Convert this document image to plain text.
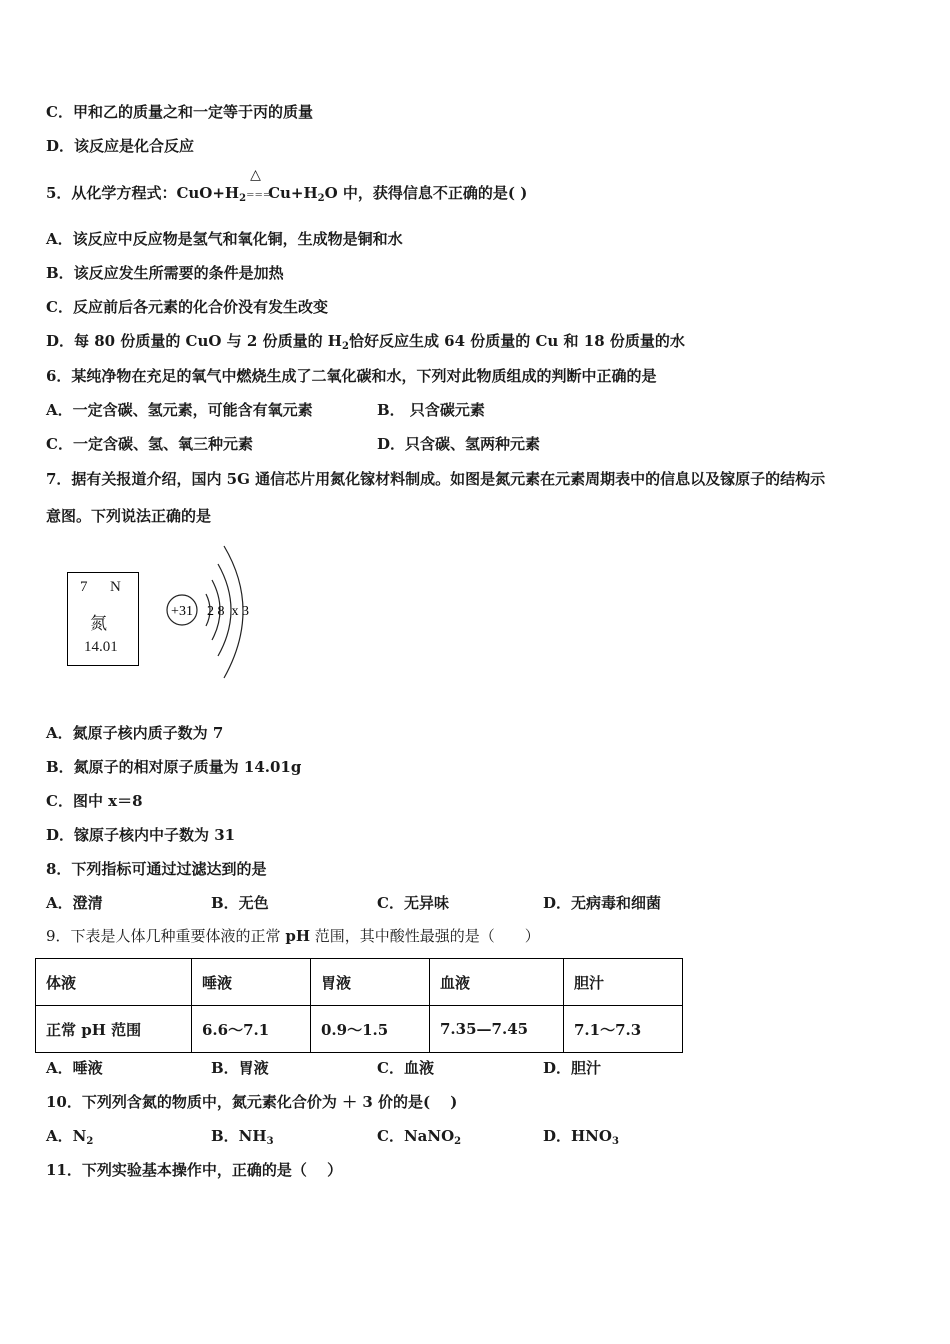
C．甲和乙的质量之和一定等于丙的质量
D．该反应是化合反应
5．从化学方程式：$CuO+H_2$
△
$===Cu+H_2O$ 中，获得信息不正确的是( )
A．该反应中反应物是氢气和氧化铜，生成物是铜和水
B．该反应发生所需要的条件是加热
C．反应前后各元素的化合价没有发生改变
D．每 80 份质量的 CuO 与 2 份质量的 $H_2$恰好反应生成 64 份质量的 Cu 和 18 份质量的水
6．某纯净物在充足的氧气中燃烧生成了二氧化碳和水，下列对此物质组成的判断中正确的是
A．一定含碳、氢元素，可能含有氧元素	B． 只含碳元素
C．一定含碳、氢、氧三种元素	D．只含碳、氢两种元素
7．据有关报道介绍，国内 5G 通信芯片用氮化镓材料制成。如图是氮元素在元素周期表中的信息以及镓原子的结构示
意图。下列说法正确的是
7 N
氮
14.01
+31 2 8  x 3
A．氮原子核内质子数为 7
B．氮原子的相对原子质量为 14.01g
C．图中 x＝8
D．镓原子核内中子数为 31
8．下列指标可通过过滤达到的是
A．澄清	B．无色	C．无异味	D．无病毒和细菌
9．下表是人体几种重要体液的正常 pH 范围，其中酸性最强的是（　　）
体液	唾液	胃液	血液	胆汁
正常 pH 范围	6.6～7.1	0.9～1.5	7.35—7.45	7.1～7.3
A．唾液	B．胃液	C．血液	D．胆汁
10．下列列含氮的物质中，氮元素化合价为 ＋ 3 价的是(　 )
A．$N_2$	B．$NH_3$	C．NaNO$_2$	D．$HNO_3$
11．下列实验基本操作中，正确的是（　 ）
